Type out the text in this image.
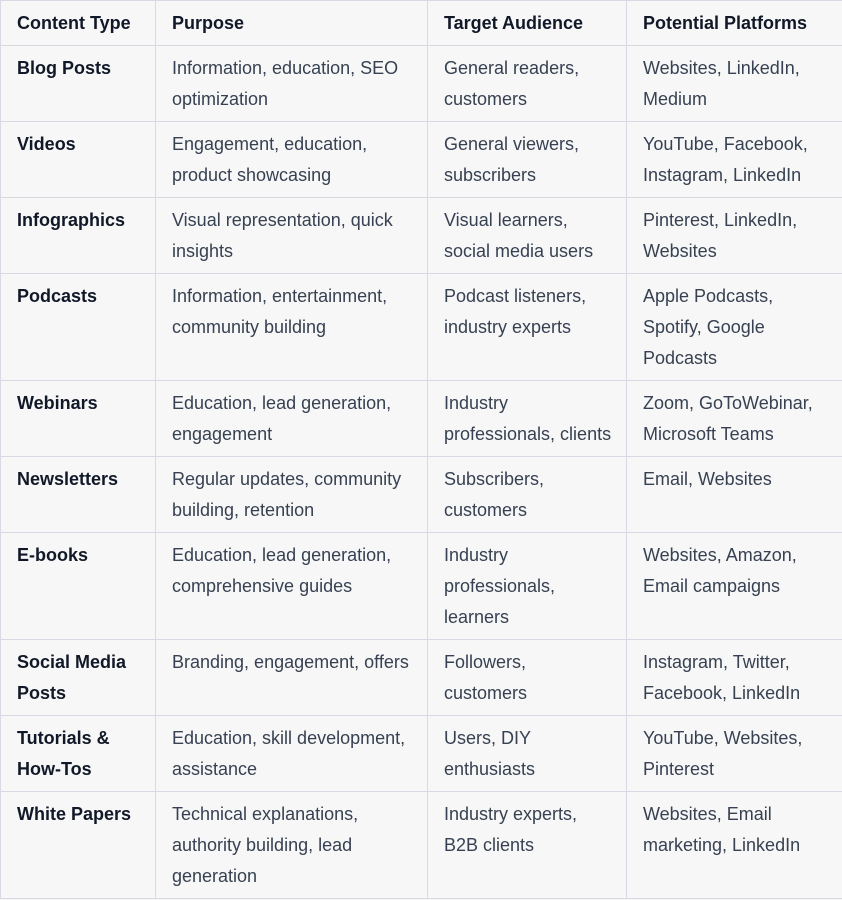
Content Type	Purpose	Target Audience	Potential Platforms
Blog Posts	Information, education, SEO optimization	General readers, customers	Websites, LinkedIn, Medium
Videos	Engagement, education, product showcasing	General viewers, subscribers	YouTube, Facebook, Instagram, LinkedIn
Infographics	Visual representation, quick insights	Visual learners, social media users	Pinterest, LinkedIn, Websites
Podcasts	Information, entertainment, community building	Podcast listeners, industry experts	Apple Podcasts, Spotify, Google Podcasts
Webinars	Education, lead generation, engagement	Industry professionals, clients	Zoom, GoToWebinar, Microsoft Teams
Newsletters	Regular updates, community building, retention	Subscribers, customers	Email, Websites
E-books	Education, lead generation, comprehensive guides	Industry professionals, learners	Websites, Amazon, Email campaigns
Social Media Posts	Branding, engagement, offers	Followers, customers	Instagram, Twitter, Facebook, LinkedIn
Tutorials & How-Tos	Education, skill development, assistance	Users, DIY enthusiasts	YouTube, Websites, Pinterest
White Papers	Technical explanations, authority building, lead generation	Industry experts, B2B clients	Websites, Email marketing, LinkedIn
